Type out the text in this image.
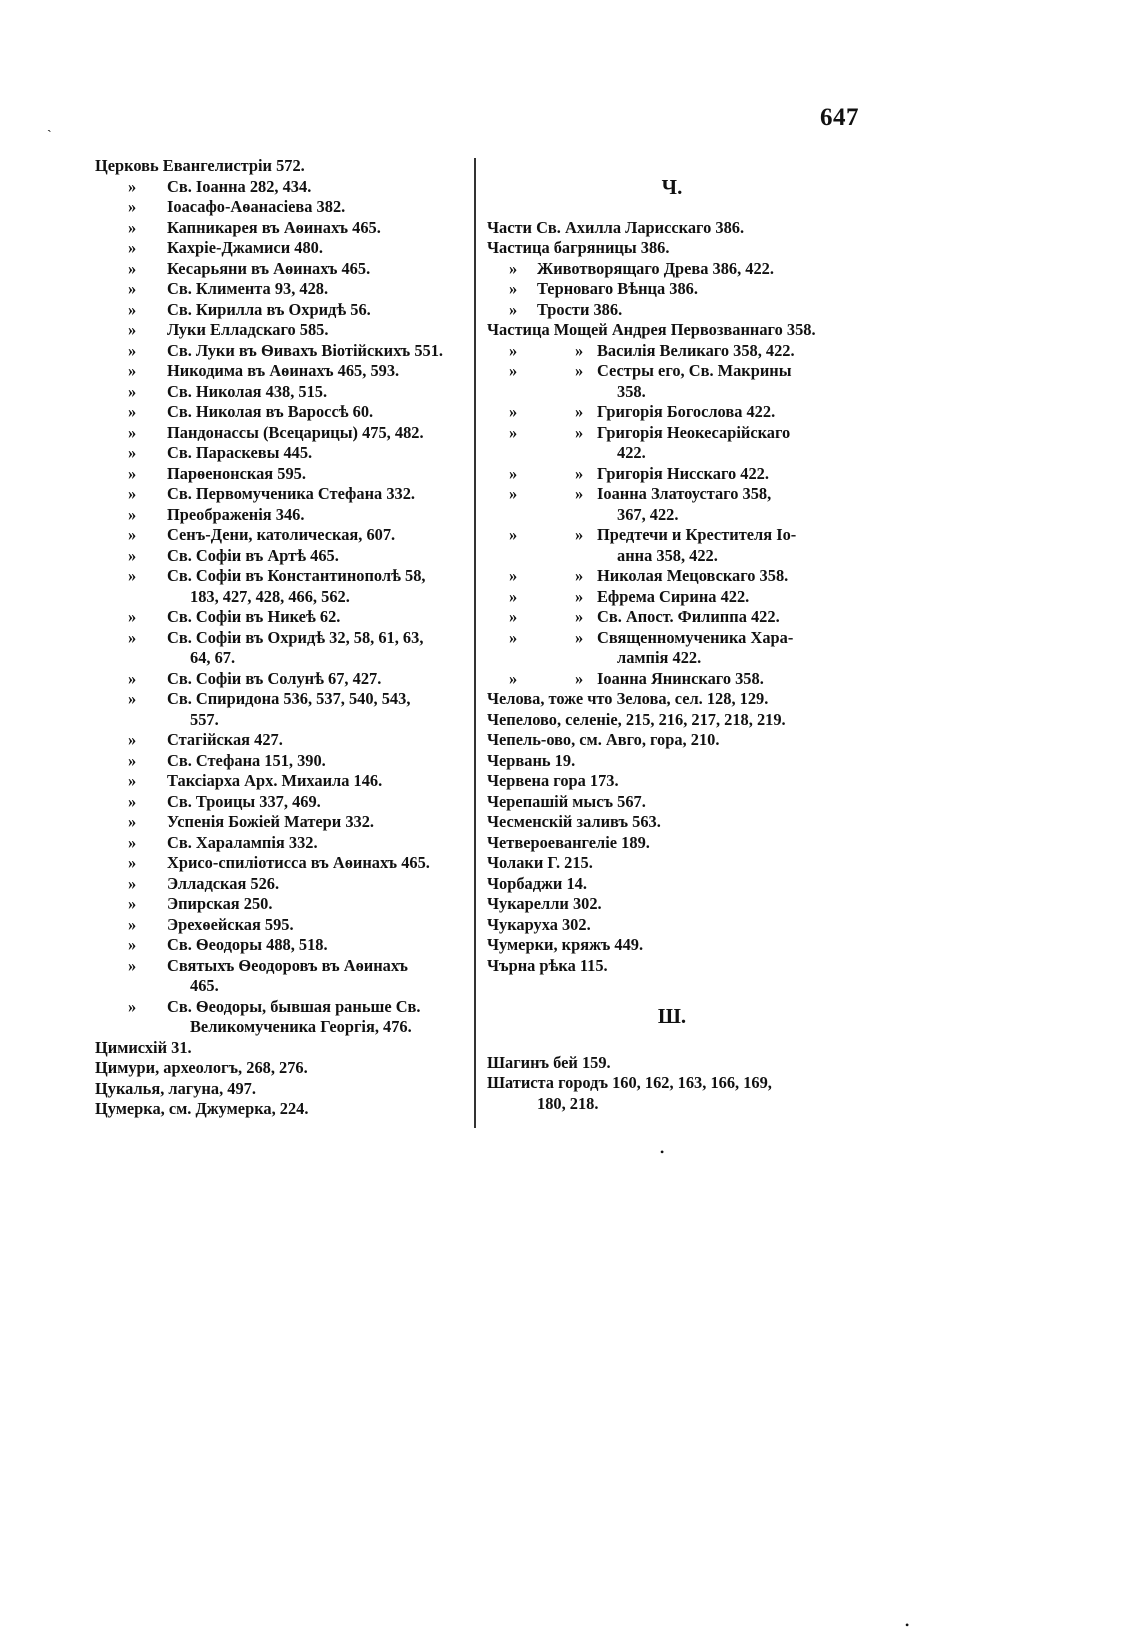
647
Церковь Евангелистріи 572.
» Св. Іоанна 282, 434.
» Іоасафо-Аѳанасіева 382.
» Капникарея въ Аѳинахъ 465.
» Кахріе-Джамиси 480.
» Кесарьяни въ Аѳинахъ 465.
» Св. Климента 93, 428.
» Св. Кирилла въ Охридѣ 56.
» Луки Елладскаго 585.
» Св. Луки въ Ѳивахъ Віотійскихъ 551.
» Никодима въ Аѳинахъ 465, 593.
» Св. Николая 438, 515.
» Св. Николая въ Вароссѣ 60.
» Пандонассы (Всецарицы) 475, 482.
» Св. Параскевы 445.
» Парѳенонская 595.
» Св. Первомученика Стефана 332.
» Преображенія 346.
» Сенъ-Дени, католическая, 607.
» Св. Софіи въ Артѣ 465.
» Св. Софіи въ Константинополѣ 58,
183, 427, 428, 466, 562.
» Св. Софіи въ Никеѣ 62.
» Св. Софіи въ Охридѣ 32, 58, 61, 63,
64, 67.
» Св. Софіи въ Солунѣ 67, 427.
» Св. Спиридона 536, 537, 540, 543,
557.
» Стагійская 427.
» Св. Стефана 151, 390.
» Таксіарха Арх. Михаила 146.
» Св. Троицы 337, 469.
» Успенія Божіей Матери 332.
» Св. Харалампія 332.
» Хрисо-спиліотисса въ Аѳинахъ 465.
» Элладская 526.
» Эпирская 250.
» Эрехѳейская 595.
» Св. Ѳеодоры 488, 518.
» Святыхъ Ѳеодоровъ въ Аѳинахъ
465.
» Св. Ѳеодоры, бывшая раньше Св.
Великомученика Георгія, 476.
Цимисхій 31.
Цимури, археологъ, 268, 276.
Цукалья, лагуна, 497.
Цумерка, см. Джумерка, 224.
Ч.
Части Св. Ахилла Ларисскаго 386.
Частица багряницы 386.
» Животворящаго Древа 386, 422.
» Терноваго Вѣнца 386.
» Трости 386.
Частица Мощей Андрея Первозваннаго 358.
»	» Василія Великаго 358, 422.
»	» Сестры его, Св. Макрины
358.
»	» Григорія Богослова 422.
»	» Григорія Неокесарійскаго
422.
»	» Григорія Нисскаго 422.
»	» Іоанна Златоустаго 358,
367, 422.
»	» Предтечи и Крестителя Іо-
анна 358, 422.
»	» Николая Мецовскаго 358.
»	» Ефрема Сирина 422.
»	» Св. Апост. Филиппа 422.
»	» Священномученика Хара-
лампія 422.
»	» Іоанна Янинскаго 358.
Челова, тоже что Зелова, сел. 128, 129.
Чепелово, селеніе, 215, 216, 217, 218, 219.
Чепель-ово, см. Авго, гора, 210.
Червань 19.
Червена гора 173.
Черепашій мысъ 567.
Чесменскій заливъ 563.
Четвероевангеліе 189.
Чолаки Г. 215.
Чорбаджи 14.
Чукарелли 302.
Чукаруха 302.
Чумерки, кряжъ 449.
Чърна рѣка 115.
Ш.
Шагинъ бей 159.
Шатиста городъ 160, 162, 163, 166, 169,
180, 218.
ˏ
•
•
